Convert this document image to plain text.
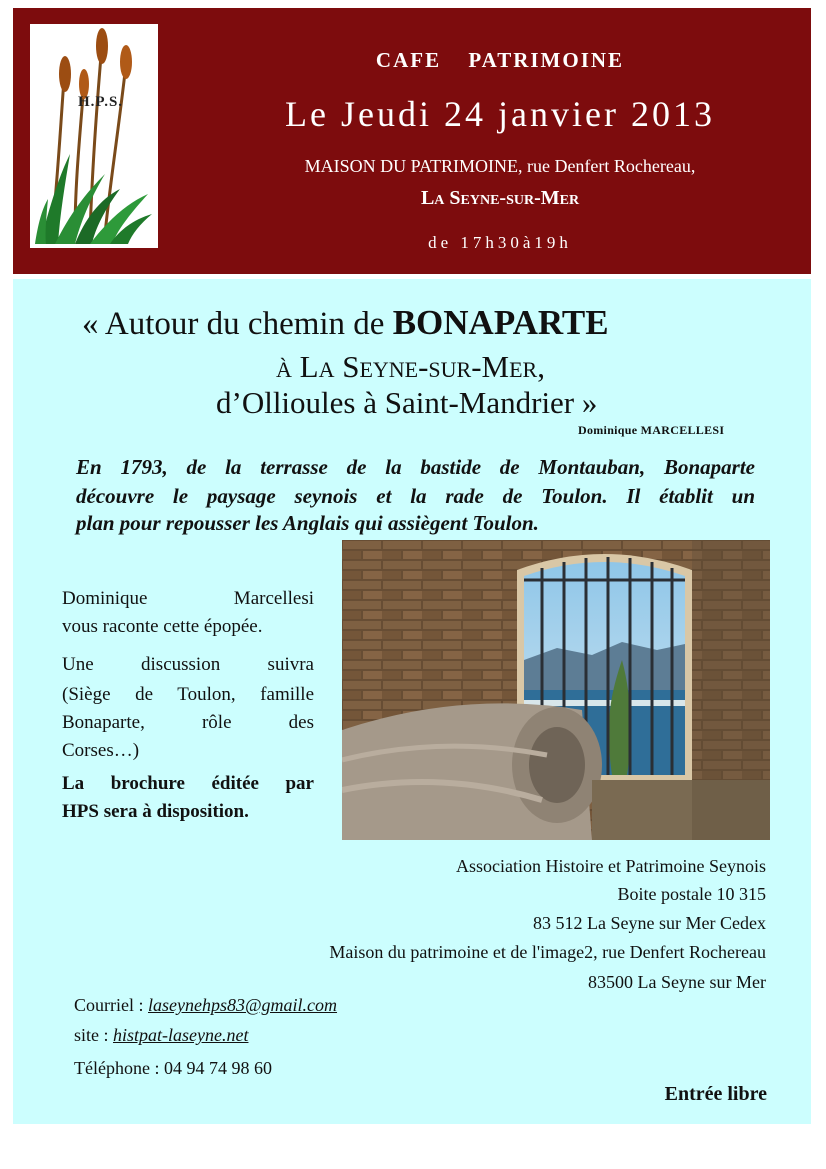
H.P.S.
CAFE PATRIMOINE
Le Jeudi 24 janvier 2013
MAISON DU PATRIMOINE, rue Denfert Rochereau,
La Seyne-sur-Mer
de 17h30à19h
« Autour du chemin de BONAPARTE
à La Seyne-sur-Mer,
d’Ollioules à Saint-Mandrier »
Dominique MARCELLESI
En 1793, de la terrasse de la bastide de Montauban, Bonaparte
découvre le paysage seynois et la rade de Toulon. Il établit un
plan pour repousser les Anglais qui assiègent Toulon.
Dominique Marcellesi
vous raconte cette épopée.
Une discussion suivra
(Siège de Toulon, famille
Bonaparte, rôle des
Corses…)
La brochure éditée par
HPS sera à disposition.
Association Histoire et Patrimoine Seynois
Boite postale 10 315
83 512 La Seyne sur Mer Cedex
Maison du patrimoine et de l'image2, rue Denfert Rochereau
83500 La Seyne sur Mer
Courriel : laseynehps83@gmail.com
site : histpat-laseyne.net
Téléphone : 04 94 74 98 60
Entrée libre
